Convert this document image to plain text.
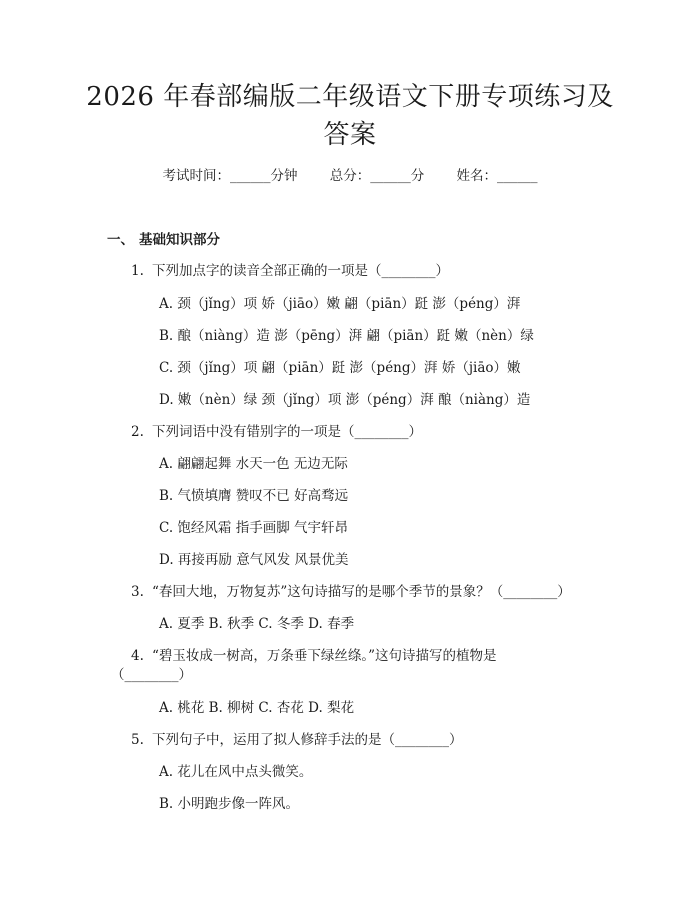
2026 年春部编版二年级语文下册专项练习及
答案
考试时间：______分钟 总分：______分 姓名：______
一、 基础知识部分
1. 下列加点字的读音全部正确的一项是（________）
A. 颈（jǐng）项 娇（jiāo）嫩 翩（piān）跹 澎（péng）湃
B. 酿（niàng）造 澎（pēng）湃 翩（piān）跹 嫩（nèn）绿
C. 颈（jǐng）项 翩（piān）跹 澎（péng）湃 娇（jiāo）嫩
D. 嫩（nèn）绿 颈（jǐng）项 澎（péng）湃 酿（niàng）造
2. 下列词语中没有错别字的一项是（________）
A. 翩翩起舞 水天一色 无边无际
B. 气愤填膺 赞叹不已 好高骛远
C. 饱经风霜 指手画脚 气宇轩昂
D. 再接再励 意气风发 风景优美
3. “春回大地，万物复苏”这句诗描写的是哪个季节的景象？（________）
A. 夏季 B. 秋季 C. 冬季 D. 春季
4. “碧玉妆成一树高，万条垂下绿丝绦。”这句诗描写的植物是
（________）
A. 桃花 B. 柳树 C. 杏花 D. 梨花
5. 下列句子中，运用了拟人修辞手法的是（________）
A. 花儿在风中点头微笑。
B. 小明跑步像一阵风。
